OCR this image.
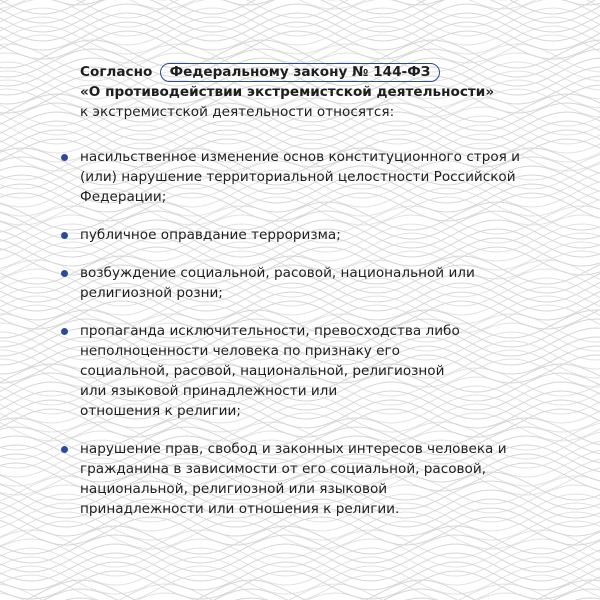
Согласно Федеральному закону № 144-ФЗ
«О противодействии экстремистской деятельности»
к экстремистской деятельности относятся:
насильственное изменение основ конституционного строя и
(или) нарушение территориальной целостности Российской
Федерации;
публичное оправдание терроризма;
возбуждение социальной, расовой, национальной или
религиозной розни;
пропаганда исключительности, превосходства либо
неполноценности человека по признаку его
социальной, расовой, национальной, религиозной
или языковой принадлежности или
отношения к религии;
нарушение прав, свобод и законных интересов человека и
гражданина в зависимости от его социальной, расовой,
национальной, религиозной или языковой
принадлежности или отношения к религии.
